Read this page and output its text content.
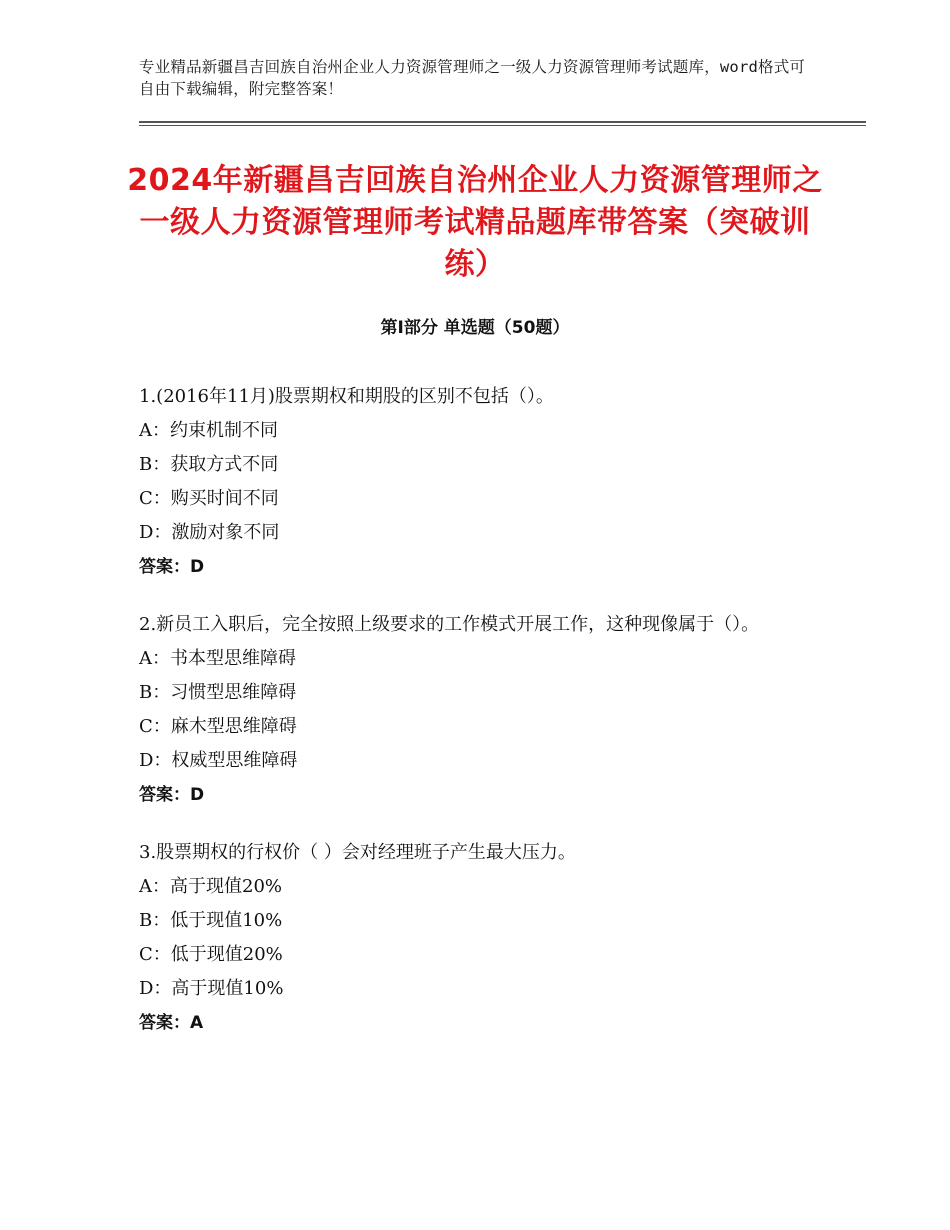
专业精品新疆昌吉回族自治州企业人力资源管理师之一级人力资源管理师考试题库，word格式可自由下载编辑，附完整答案！
2024年新疆昌吉回族自治州企业人力资源管理师之一级人力资源管理师考试精品题库带答案（突破训练）
第Ⅰ部分 单选题（50题）
1.(2016年11月)股票期权和期股的区别不包括（）。
A：约束机制不同
B：获取方式不同
C：购买时间不同
D：激励对象不同
答案：D
2.新员工入职后，完全按照上级要求的工作模式开展工作，这种现像属于（）。
A：书本型思维障碍
B：习惯型思维障碍
C：麻木型思维障碍
D：权威型思维障碍
答案：D
3.股票期权的行权价（ ）会对经理班子产生最大压力。
A：高于现值20%
B：低于现值10%
C：低于现值20%
D：高于现值10%
答案：A
